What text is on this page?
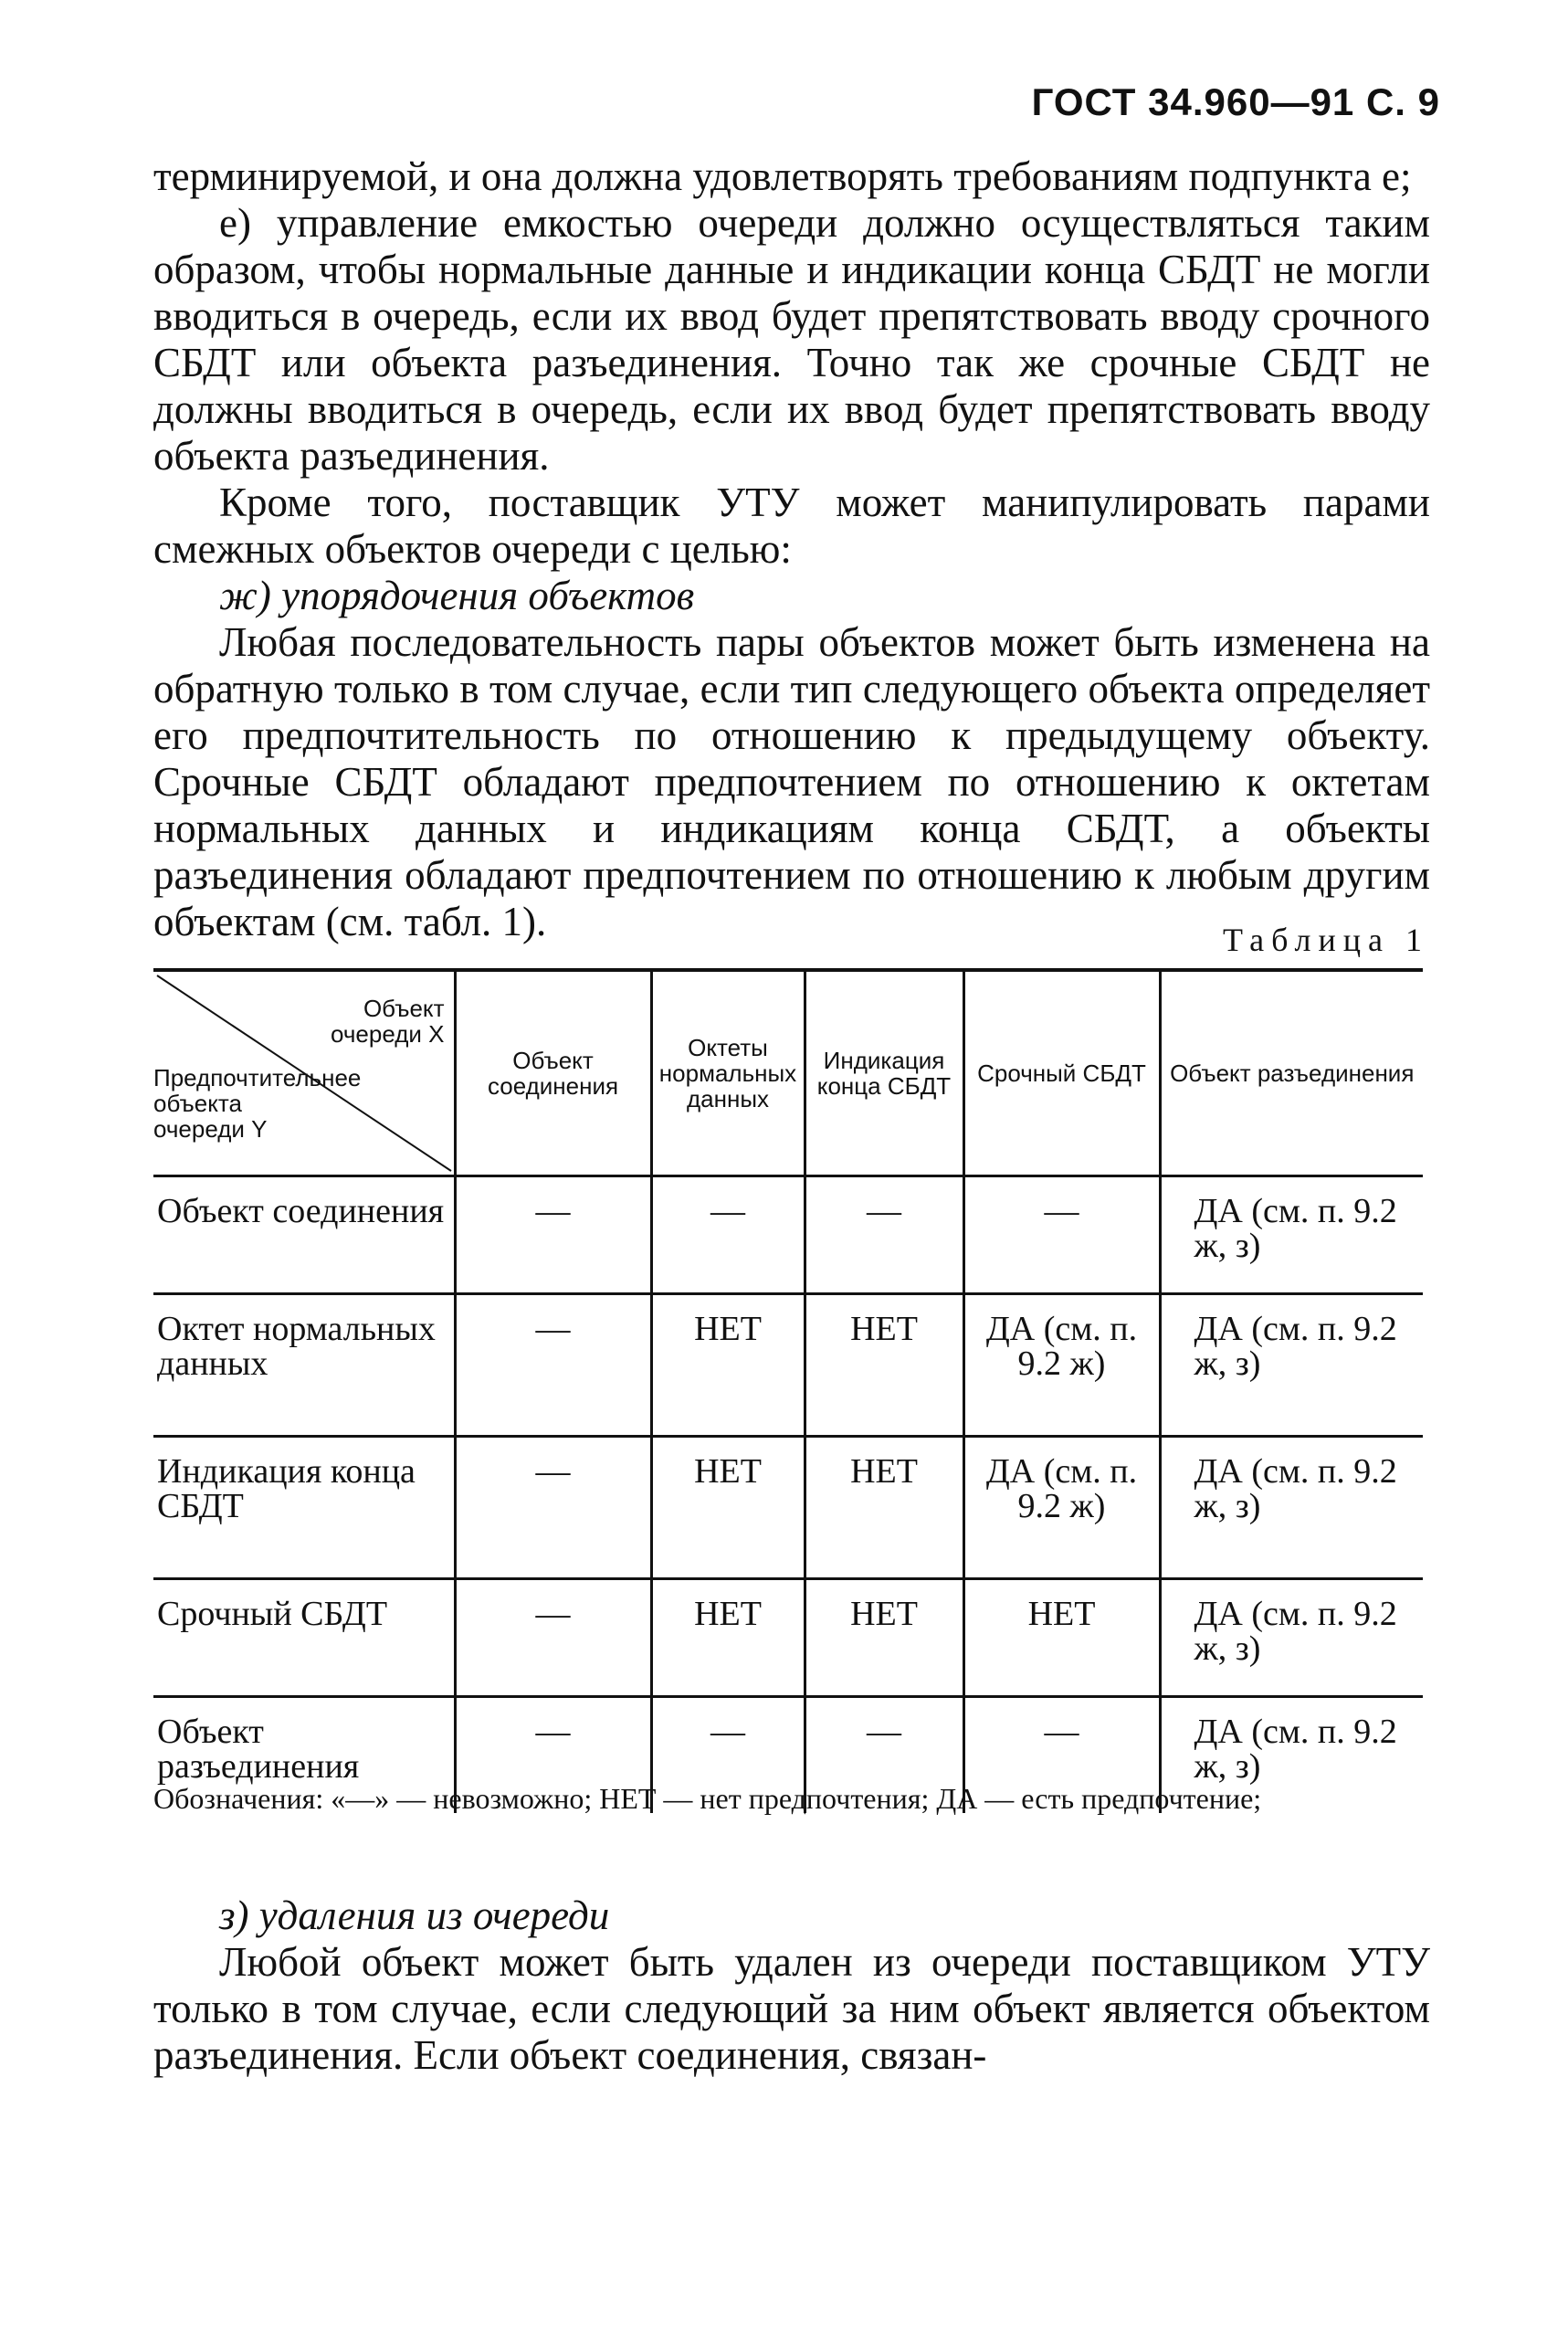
ГОСТ 34.960—91 С. 9

терминируемой, и она должна удовлетворять требованиям подпункта е;

е) управление емкостью очереди должно осуществляться таким образом, чтобы нормальные данные и индикации конца СБДТ не могли вводиться в очередь, если их ввод будет препятствовать вводу срочного СБДТ или объекта разъединения. Точно так же срочные СБДТ не должны вводиться в очередь, если их ввод будет препятствовать вводу объекта разъединения.

Кроме того, поставщик УТУ может манипулировать парами смежных объектов очереди с целью:

ж) упорядочения объектов

Любая последовательность пары объектов может быть изменена на обратную только в том случае, если тип следующего объекта определяет его предпочтительность по отношению к предыдущему объекту. Срочные СБДТ обладают предпочтением по отношению к октетам нормальных данных и индикациям конца СБДТ, а объекты разъединения обладают предпочтением по отношению к любым другим объектам (см. табл. 1).	Таблица 1
Объект очереди X
Предпочтительнее объекта очереди Y	Объект соединения	Октеты нормальных данных	Индикация конца СБДТ	Срочный СБДТ	Объект разъединения
Объект соединения	—	—	—	—	ДА (см. п. 9.2 ж, з)
Октет нормальных данных	—	НЕТ	НЕТ	ДА (см. п. 9.2 ж)	ДА (см. п. 9.2 ж, з)
Индикация конца СБДТ	—	НЕТ	НЕТ	ДА (см. п. 9.2 ж)	ДА (см. п. 9.2 ж, з)
Срочный СБДТ	—	НЕТ	НЕТ	НЕТ	ДА (см. п. 9.2 ж, з)
Объект разъединения	—	—	—	—	ДА (см. п. 9.2 ж, з)
Обозначения: «—» — невозможно; НЕТ — нет предпочтения; ДА — есть предпочтение;

з) удаления из очереди

Любой объект может быть удален из очереди поставщиком УТУ только в том случае, если следующий за ним объект является объектом разъединения. Если объект соединения, связан-
